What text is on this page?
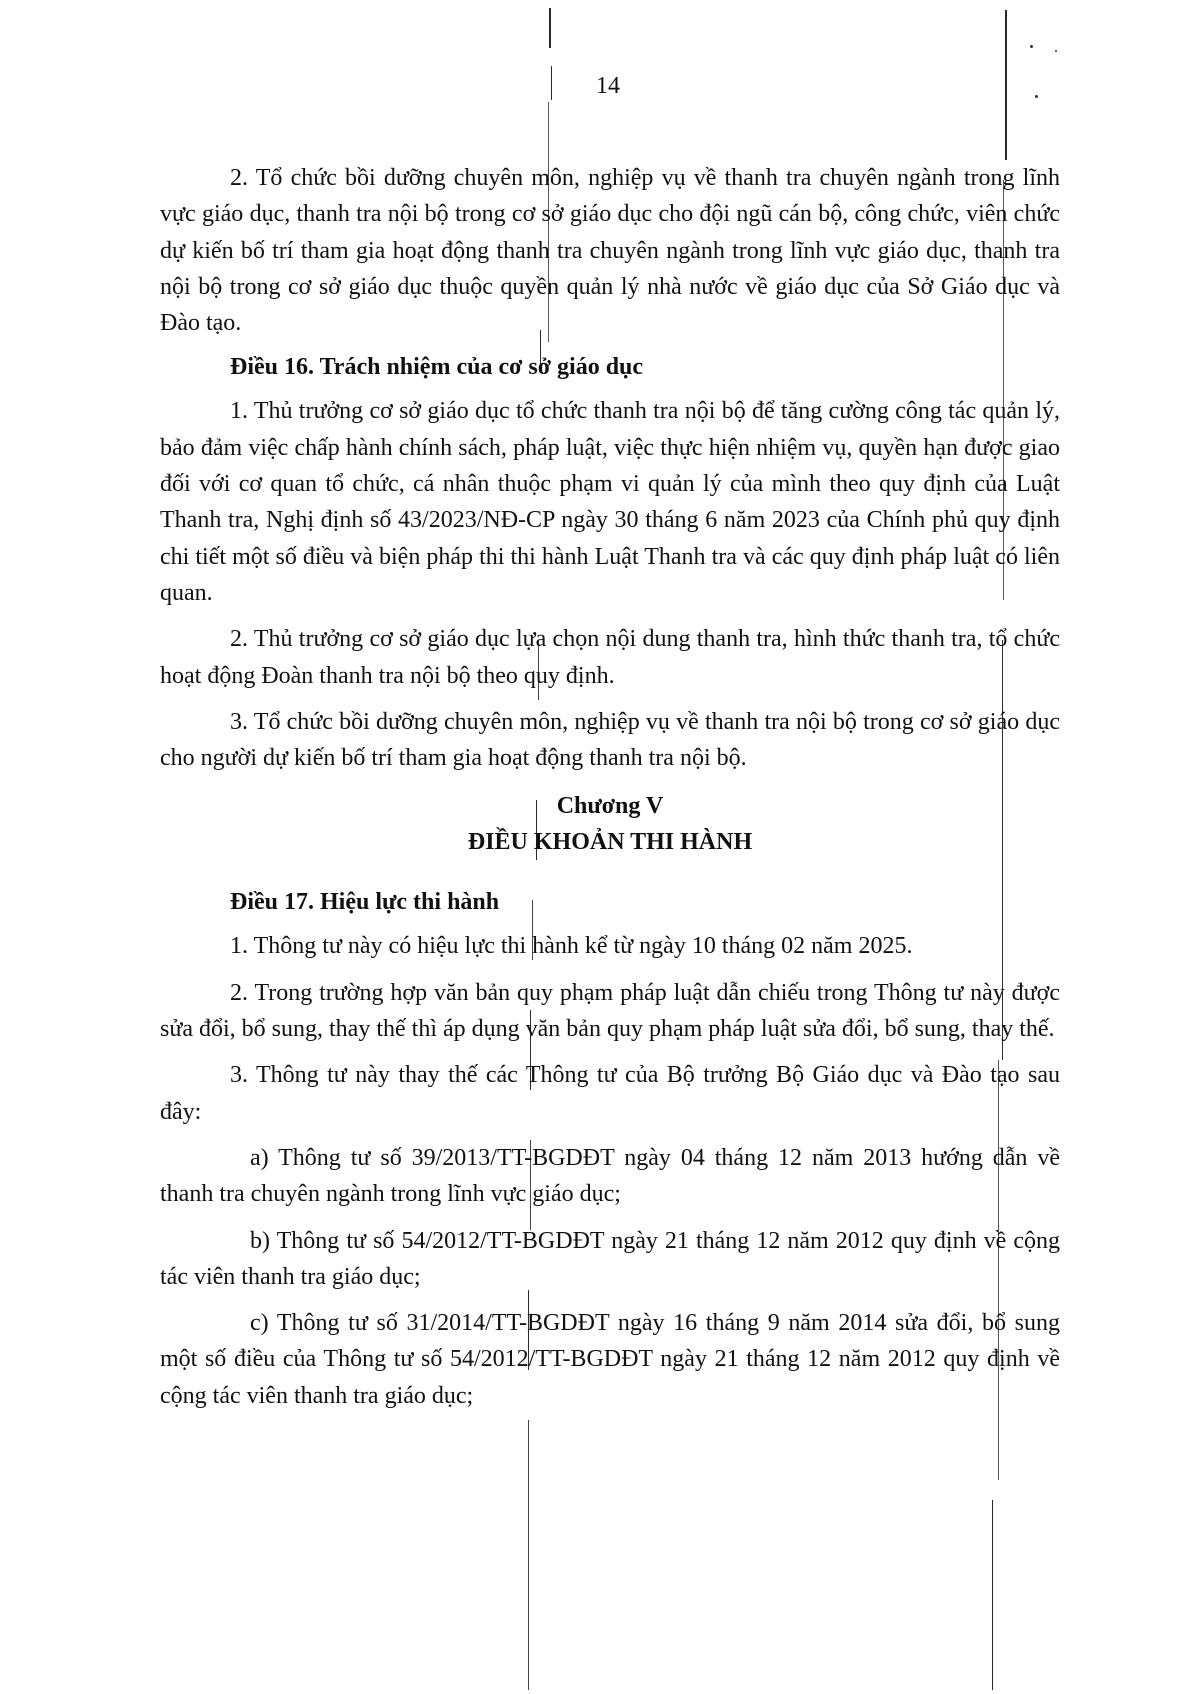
14

2. Tổ chức bồi dưỡng chuyên môn, nghiệp vụ về thanh tra chuyên ngành trong lĩnh vực giáo dục, thanh tra nội bộ trong cơ sở giáo dục cho đội ngũ cán bộ, công chức, viên chức dự kiến bố trí tham gia hoạt động thanh tra chuyên ngành trong lĩnh vực giáo dục, thanh tra nội bộ trong cơ sở giáo dục thuộc quyền quản lý nhà nước về giáo dục của Sở Giáo dục và Đào tạo.

Điều 16. Trách nhiệm của cơ sở giáo dục

1. Thủ trưởng cơ sở giáo dục tổ chức thanh tra nội bộ để tăng cường công tác quản lý, bảo đảm việc chấp hành chính sách, pháp luật, việc thực hiện nhiệm vụ, quyền hạn được giao đối với cơ quan tổ chức, cá nhân thuộc phạm vi quản lý của mình theo quy định của Luật Thanh tra, Nghị định số 43/2023/NĐ-CP ngày 30 tháng 6 năm 2023 của Chính phủ quy định chi tiết một số điều và biện pháp thi thi hành Luật Thanh tra và các quy định pháp luật có liên quan.

2. Thủ trưởng cơ sở giáo dục lựa chọn nội dung thanh tra, hình thức thanh tra, tổ chức hoạt động Đoàn thanh tra nội bộ theo quy định.

3. Tổ chức bồi dưỡng chuyên môn, nghiệp vụ về thanh tra nội bộ trong cơ sở giáo dục cho người dự kiến bố trí tham gia hoạt động thanh tra nội bộ.

Chương V

ĐIỀU KHOẢN THI HÀNH

Điều 17. Hiệu lực thi hành

1. Thông tư này có hiệu lực thi hành kể từ ngày 10 tháng 02 năm 2025.

2. Trong trường hợp văn bản quy phạm pháp luật dẫn chiếu trong Thông tư này được sửa đổi, bổ sung, thay thế thì áp dụng văn bản quy phạm pháp luật sửa đổi, bổ sung, thay thế.

3. Thông tư này thay thế các Thông tư của Bộ trưởng Bộ Giáo dục và Đào tạo sau đây:

a) Thông tư số 39/2013/TT-BGDĐT ngày 04 tháng 12 năm 2013 hướng dẫn về thanh tra chuyên ngành trong lĩnh vực giáo dục;

b) Thông tư số 54/2012/TT-BGDĐT ngày 21 tháng 12 năm 2012 quy định về cộng tác viên thanh tra giáo dục;

c) Thông tư số 31/2014/TT-BGDĐT ngày 16 tháng 9 năm 2014 sửa đổi, bổ sung một số điều của Thông tư số 54/2012/TT-BGDĐT ngày 21 tháng 12 năm 2012 quy định về cộng tác viên thanh tra giáo dục;
